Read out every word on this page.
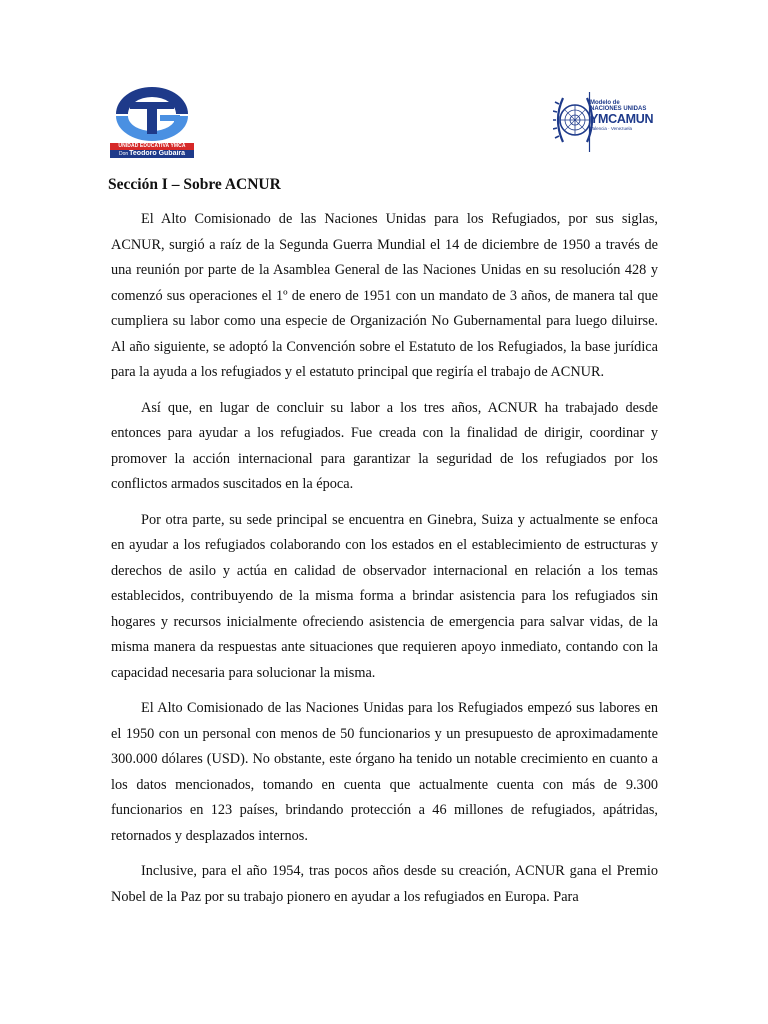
UNIDAD EDUCATIVA YMCA
DonTeodoro Gubaira
Modelo de
NACIONES UNIDAS
YMCAMUN
Valencia · Venezuela
Sección I – Sobre ACNUR

El Alto Comisionado de las Naciones Unidas para los Refugiados, por sus siglas, ACNUR, surgió a raíz de la Segunda Guerra Mundial el 14 de diciembre de 1950 a través de una reunión por parte de la Asamblea General de las Naciones Unidas en su resolución 428 y comenzó sus operaciones el 1º de enero de 1951 con un mandato de 3 años, de manera tal que cumpliera su labor como una especie de Organización No Gubernamental para luego diluirse. Al año siguiente, se adoptó la Convención sobre el Estatuto de los Refugiados, la base jurídica para la ayuda a los refugiados y el estatuto principal que regiría el trabajo de ACNUR.

Así que, en lugar de concluir su labor a los tres años, ACNUR ha trabajado desde entonces para ayudar a los refugiados. Fue creada con la finalidad de dirigir, coordinar y promover la acción internacional para garantizar la seguridad de los refugiados por los conflictos armados suscitados en la época.

Por otra parte, su sede principal se encuentra en Ginebra, Suiza y actualmente se enfoca en ayudar a los refugiados colaborando con los estados en el establecimiento de estructuras y derechos de asilo y actúa en calidad de observador internacional en relación a los temas establecidos, contribuyendo de la misma forma a brindar asistencia para los refugiados sin hogares y recursos inicialmente ofreciendo asistencia de emergencia para salvar vidas, de la misma manera da respuestas ante situaciones que requieren apoyo inmediato, contando con la capacidad necesaria para solucionar la misma.

El Alto Comisionado de las Naciones Unidas para los Refugiados empezó sus labores en el 1950 con un personal con menos de 50 funcionarios y un presupuesto de aproximadamente 300.000 dólares (USD). No obstante, este órgano ha tenido un notable crecimiento en cuanto a los datos mencionados, tomando en cuenta que actualmente cuenta con más de 9.300 funcionarios en 123 países, brindando protección a 46 millones de refugiados, apátridas, retornados y desplazados internos.

Inclusive, para el año 1954, tras pocos años desde su creación, ACNUR gana el Premio Nobel de la Paz por su trabajo pionero en ayudar a los refugiados en Europa. Para
